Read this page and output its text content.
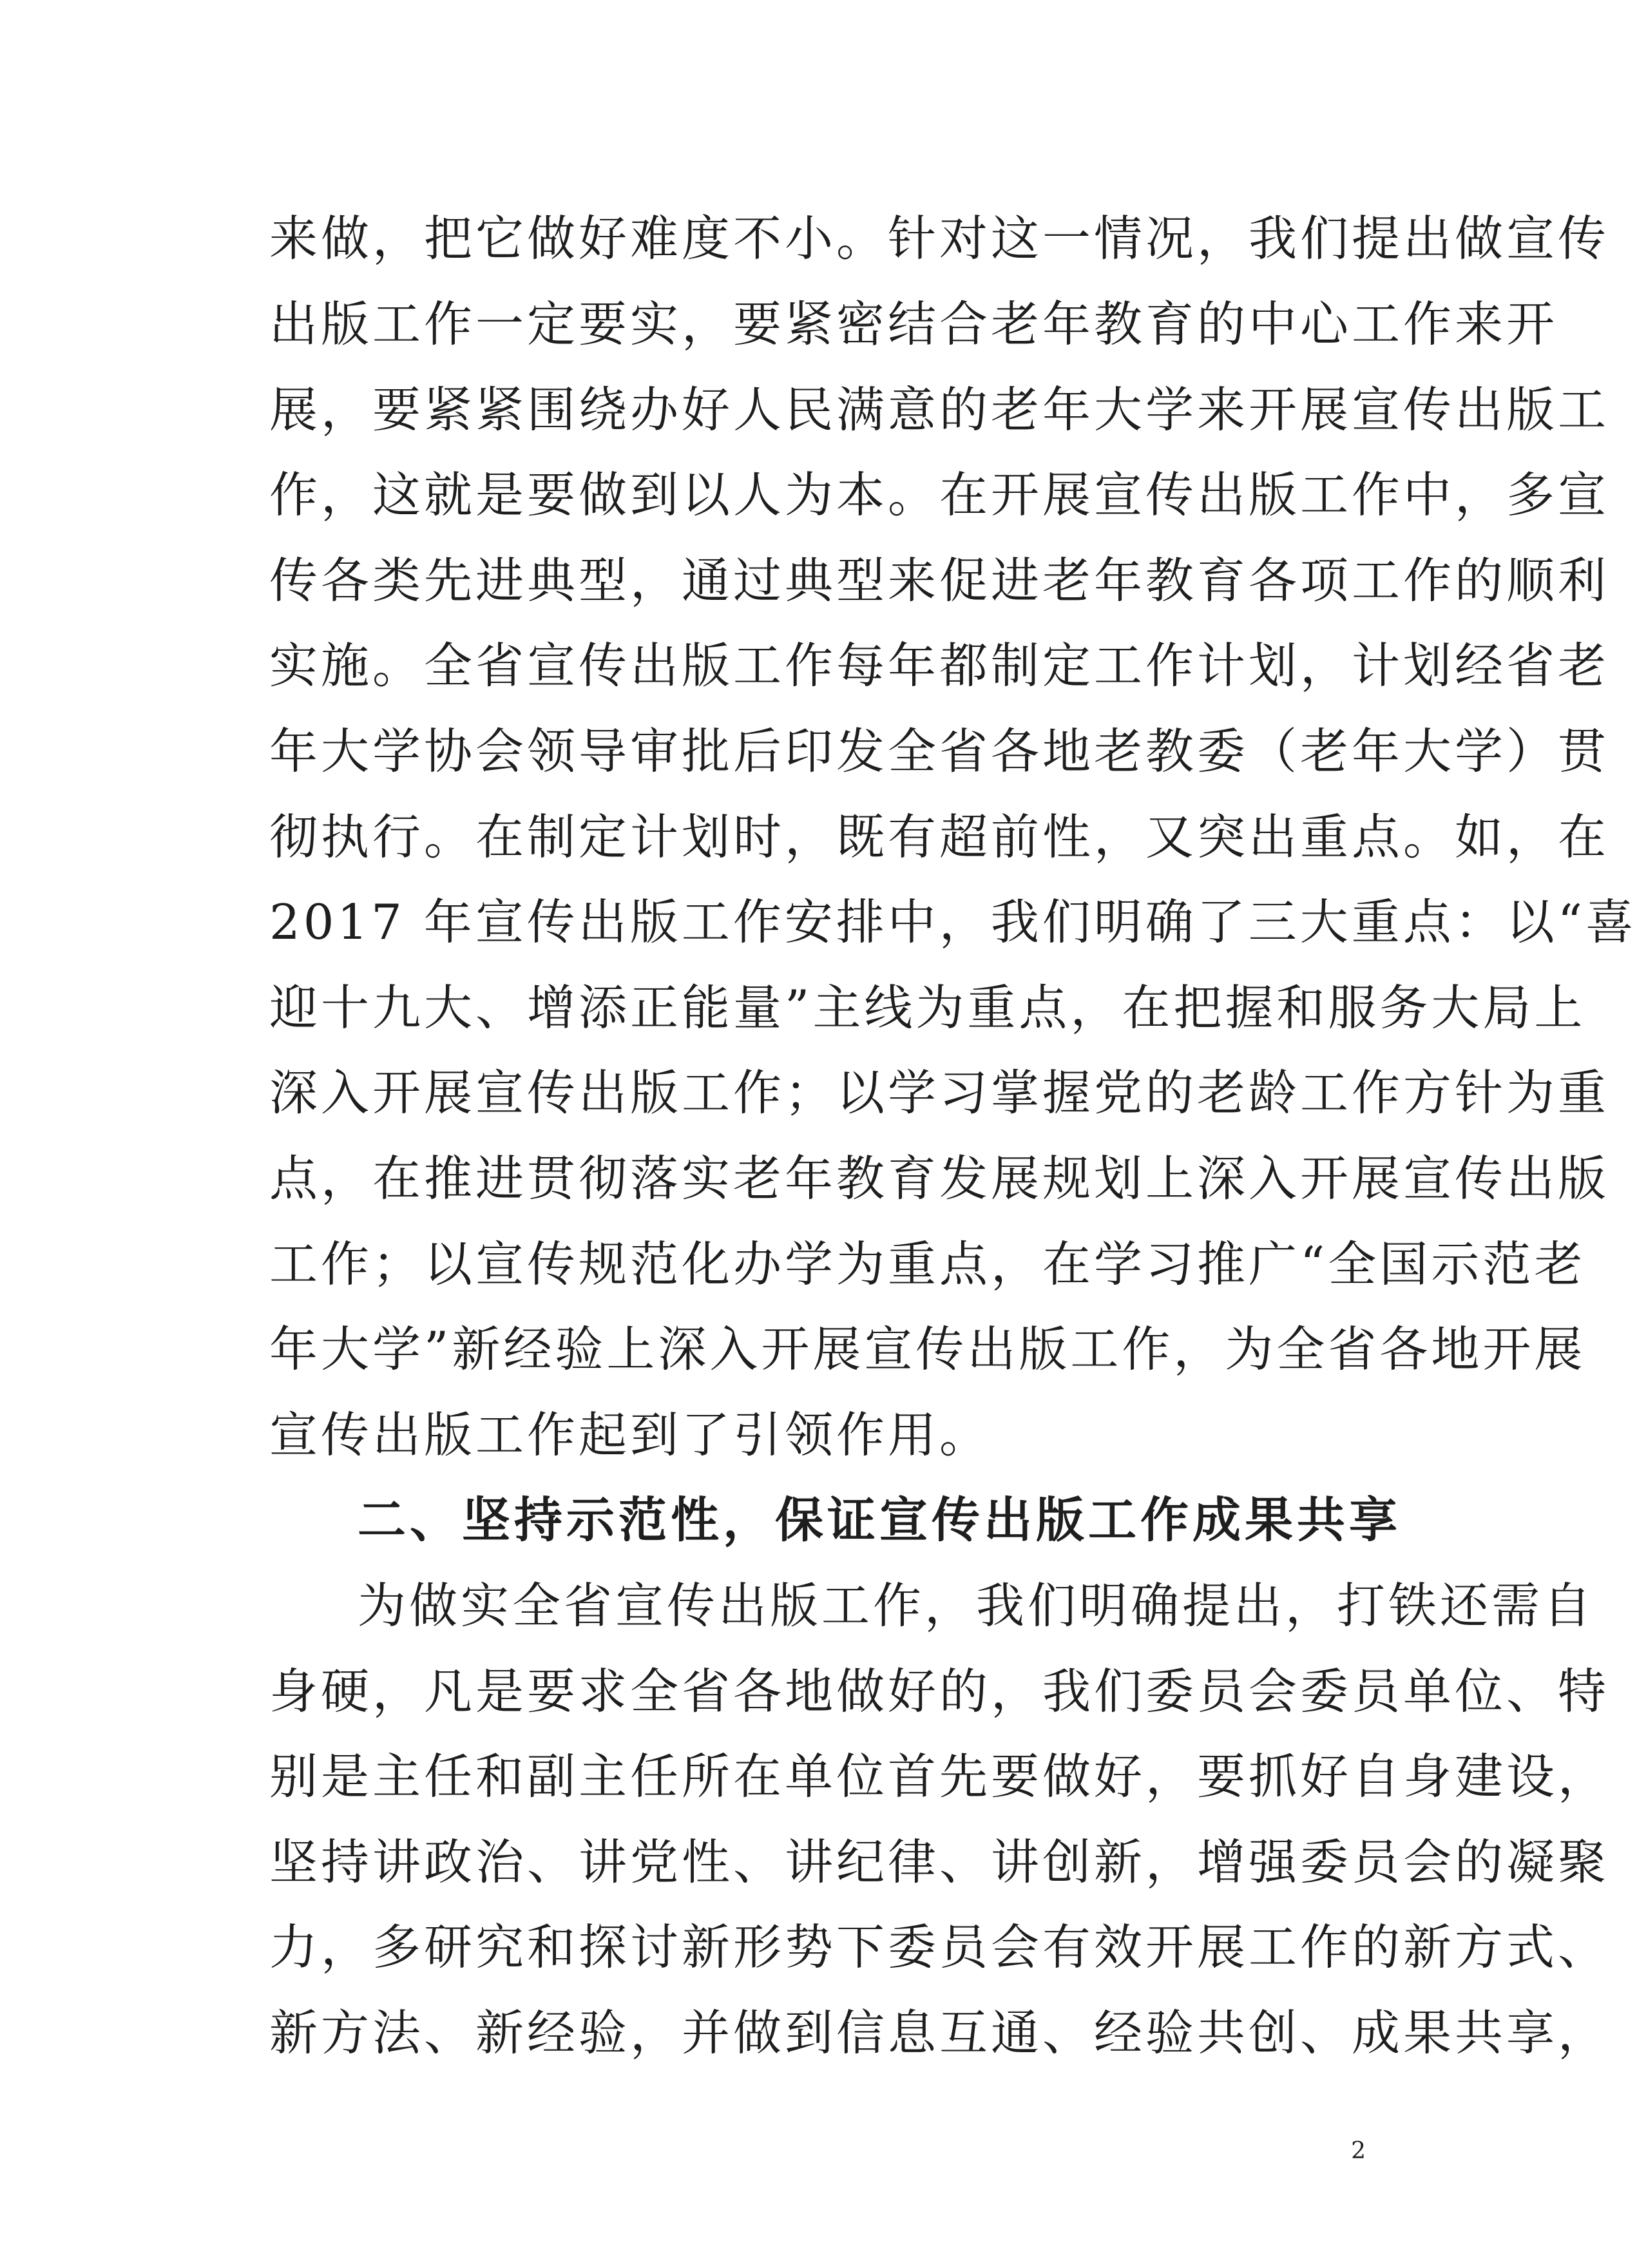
来做，把它做好难度不小。针对这一情况，我们提出做宣传
出版工作一定要实，要紧密结合老年教育的中心工作来开
展，要紧紧围绕办好人民满意的老年大学来开展宣传出版工
作，这就是要做到以人为本。在开展宣传出版工作中，多宣
传各类先进典型，通过典型来促进老年教育各项工作的顺利
实施。全省宣传出版工作每年都制定工作计划，计划经省老
年大学协会领导审批后印发全省各地老教委（老年大学）贯
彻执行。在制定计划时，既有超前性，又突出重点。如，在
2017 年宣传出版工作安排中，我们明确了三大重点：以“喜
迎十九大、增添正能量”主线为重点，在把握和服务大局上
深入开展宣传出版工作；以学习掌握党的老龄工作方针为重
点，在推进贯彻落实老年教育发展规划上深入开展宣传出版
工作；以宣传规范化办学为重点，在学习推广“全国示范老
年大学”新经验上深入开展宣传出版工作，为全省各地开展
宣传出版工作起到了引领作用。
二、坚持示范性，保证宣传出版工作成果共享
为做实全省宣传出版工作，我们明确提出，打铁还需自
身硬，凡是要求全省各地做好的，我们委员会委员单位、特
别是主任和副主任所在单位首先要做好，要抓好自身建设，
坚持讲政治、讲党性、讲纪律、讲创新，增强委员会的凝聚
力，多研究和探讨新形势下委员会有效开展工作的新方式、
新方法、新经验，并做到信息互通、经验共创、成果共享，
2
